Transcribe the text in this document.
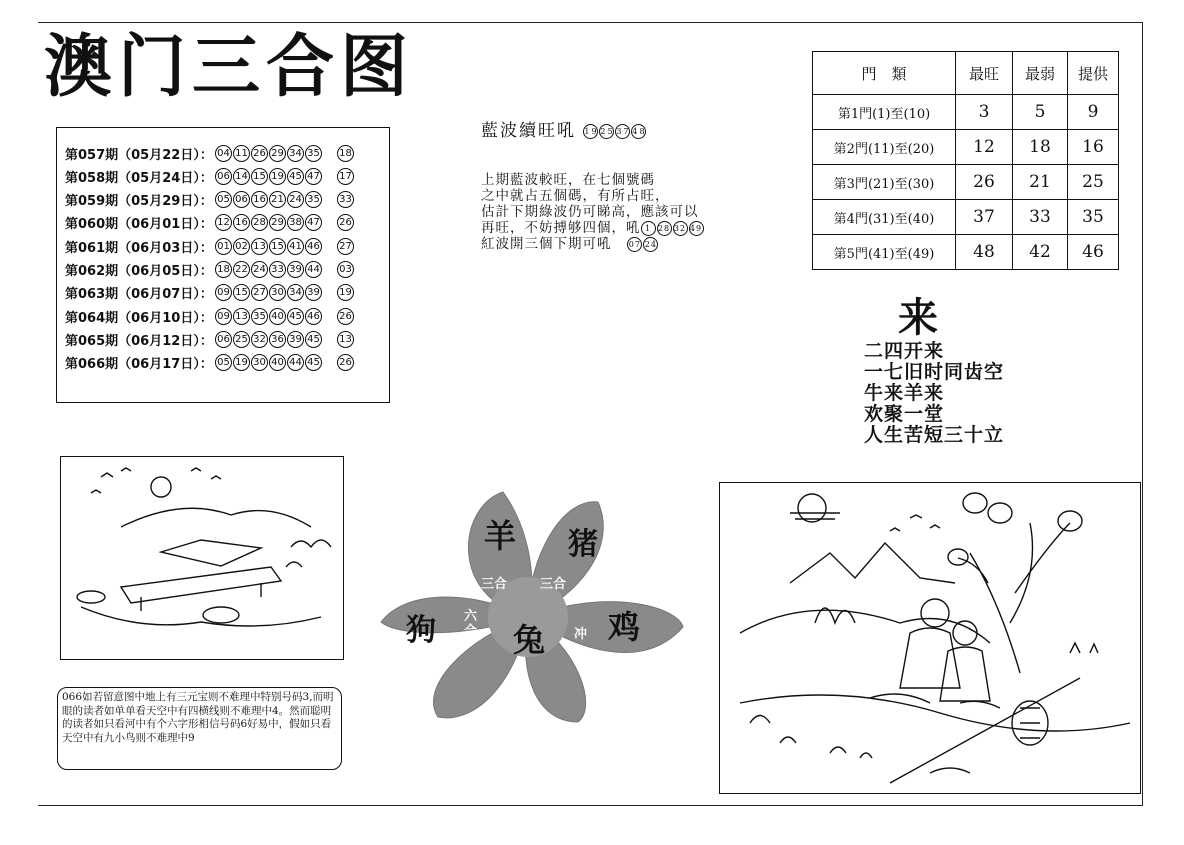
澳门三合图
第057期（05月22日）： 04 11 26 29 34 35 18
第058期（05月24日）： 06 14 15 19 45 47 17
第059期（05月29日）： 05 06 16 21 24 35 33
第060期（06月01日）： 12 16 28 29 38 47 26
第061期（06月03日）： 01 02 13 15 41 46 27
第062期（06月05日）： 18 22 24 33 39 44 03
第063期（06月07日）： 09 15 27 30 34 39 19
第064期（06月10日）： 09 13 35 40 45 46 26
第065期（06月12日）： 06 25 32 36 39 45 13
第066期（06月17日）： 05 19 30 40 44 45 26
藍波續旺吼 19 25 37 48
上期藍波較旺，在七個號碼
之中就占五個碼，有所占旺，
估計下期綠波仍可睇高，應該可以
再旺，不妨搏够四個，吼 1 28 32 49
紅波開三個下期可吼 07 24
門　類	最旺	最弱	提供
第1門(1)至(10)	3	5	9
第2門(11)至(20)	12	18	16
第3門(21)至(30)	26	21	25
第4門(31)至(40)	37	33	35
第5門(41)至(49)	48	42	46
来
二四开来
一七旧时同齿空
牛来羊来
欢聚一堂
人生苦短三十立
羊 猪
狗 兔 鸡
三合	三合
六合	冲
066如若留意图中地上有三元宝则不难理中特别号码3,而明眼的读者如单单看天空中有四横线则不难理中4。然而聪明的读者如只看河中有个六字形相信号码6好易中，假如只看天空中有九小鸟则不难理中9
